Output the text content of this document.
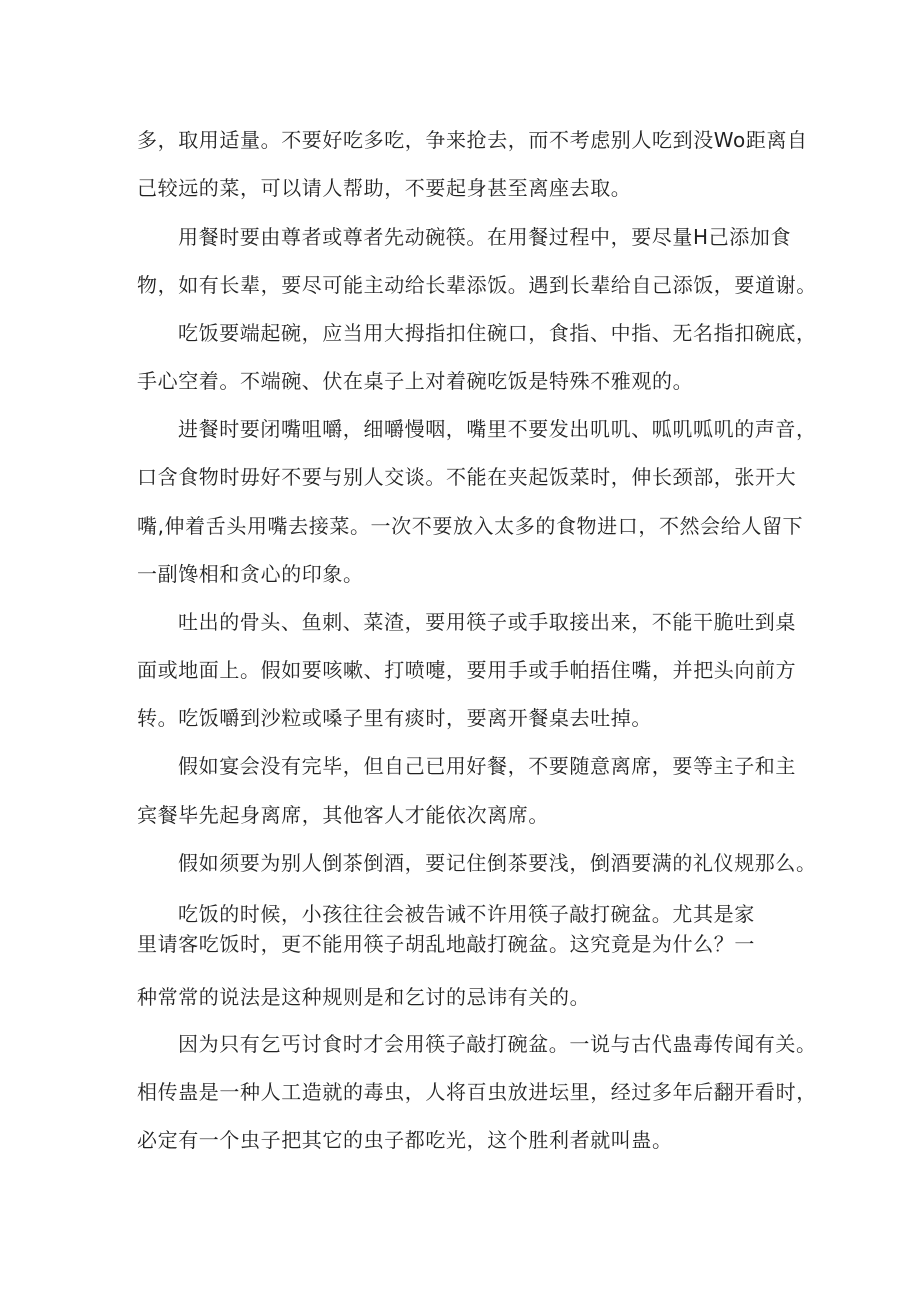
多，取用适量。不要好吃多吃，争来抢去，而不考虑别人吃到没Wo距离自
己较远的菜，可以请人帮助，不要起身甚至离座去取。
用餐时要由尊者或尊者先动碗筷。在用餐过程中，要尽量H己添加食
物，如有长辈，要尽可能主动给长辈添饭。遇到长辈给自己添饭，要道谢。
吃饭要端起碗，应当用大拇指扣住碗口，食指、中指、无名指扣碗底，
手心空着。不端碗、伏在桌子上对着碗吃饭是特殊不雅观的。
进餐时要闭嘴咀嚼，细嚼慢咽，嘴里不要发出叽叽、呱叽呱叽的声音，
口含食物时毋好不要与别人交谈。不能在夹起饭菜时，伸长颈部，张开大
嘴,伸着舌头用嘴去接菜。一次不要放入太多的食物进口，不然会给人留下
一副馋相和贪心的印象。
吐出的骨头、鱼刺、菜渣，要用筷子或手取接出来，不能干脆吐到桌
面或地面上。假如要咳嗽、打喷嚏，要用手或手帕捂住嘴，并把头向前方
转。吃饭嚼到沙粒或嗓子里有痰时，要离开餐桌去吐掉。
假如宴会没有完毕，但自己已用好餐，不要随意离席，要等主子和主
宾餐毕先起身离席，其他客人才能依次离席。
假如须要为别人倒茶倒酒，要记住倒茶要浅，倒酒要满的礼仪规那么。
吃饭的时候，小孩往往会被告诫不许用筷子敲打碗盆。尤其是家
里请客吃饭时，更不能用筷子胡乱地敲打碗盆。这究竟是为什么？一
种常常的说法是这种规则是和乞讨的忌讳有关的。
因为只有乞丐讨食时才会用筷子敲打碗盆。一说与古代蛊毒传闻有关。
相传蛊是一种人工造就的毒虫，人将百虫放进坛里，经过多年后翻开看时，
必定有一个虫子把其它的虫子都吃光，这个胜利者就叫蛊。
